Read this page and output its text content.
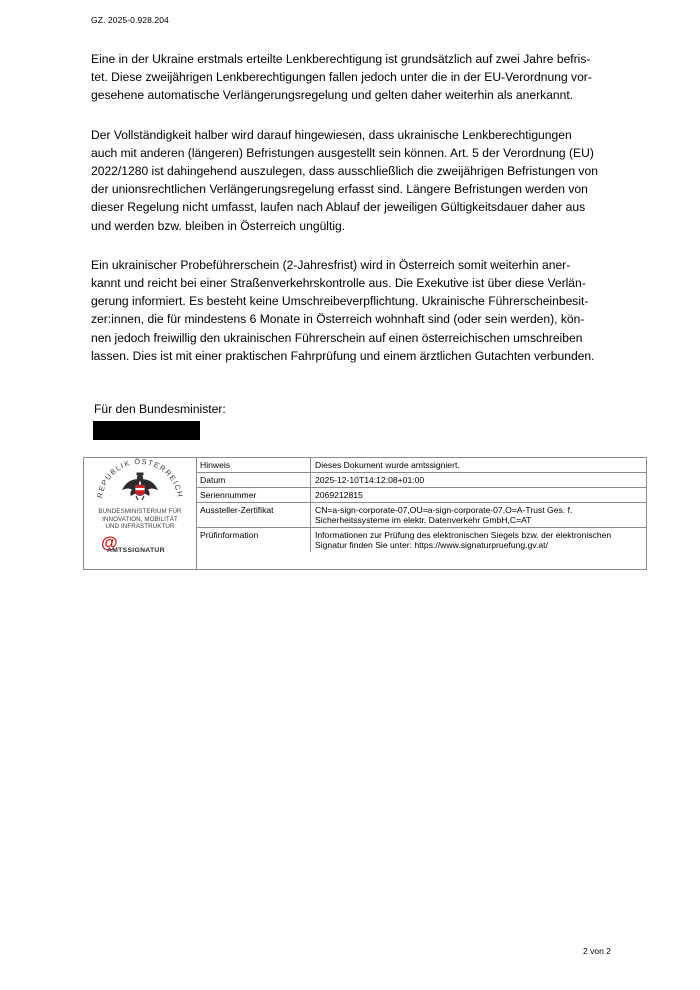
GZ. 2025-0.928.204

Eine in der Ukraine erstmals erteilte Lenkberechtigung ist grundsätzlich auf zwei Jahre befris-
tet. Diese zweijährigen Lenkberechtigungen fallen jedoch unter die in der EU-Verordnung vor-
gesehene automatische Verlängerungsregelung und gelten daher weiterhin als anerkannt.

Der Vollständigkeit halber wird darauf hingewiesen, dass ukrainische Lenkberechtigungen
auch mit anderen (längeren) Befristungen ausgestellt sein können. Art. 5 der Verordnung (EU)
2022/1280 ist dahingehend auszulegen, dass ausschließlich die zweijährigen Befristungen von
der unionsrechtlichen Verlängerungsregelung erfasst sind. Längere Befristungen werden von
dieser Regelung nicht umfasst, laufen nach Ablauf der jeweiligen Gültigkeitsdauer daher aus
und werden bzw. bleiben in Österreich ungültig.

Ein ukrainischer Probeführerschein (2-Jahresfrist) wird in Österreich somit weiterhin aner-
kannt und reicht bei einer Straßenverkehrskontrolle aus. Die Exekutive ist über diese Verlän-
gerung informiert. Es besteht keine Umschreibeverpflichtung. Ukrainische Führerscheinbesit-
zer:innen, die für mindestens 6 Monate in Österreich wohnhaft sind (oder sein werden), kön-
nen jedoch freiwillig den ukrainischen Führerschein auf einen österreichischen umschreiben
lassen. Dies ist mit einer praktischen Fahrprüfung und einem ärztlichen Gutachten verbunden.

Für den Bundesminister:
REPUBLIK ÖSTERREICH
BUNDESMINISTERIUM FÜR
INNOVATION, MOBILITÄT
UND INFRASTRUKTUR
@
AMTSSIGNATUR
Hinweis	Dieses Dokument wurde amtssigniert.
Datum	2025-12-10T14:12:08+01:00
Seriennummer	2069212815
Aussteller-Zertifikat	CN=a-sign-corporate-07,OU=a-sign-corporate-07,O=A-Trust Ges. f. Sicherheitssysteme im elektr. Datenverkehr GmbH,C=AT
Prüfinformation	Informationen zur Prüfung des elektronischen Siegels bzw. der elektronischen Signatur finden Sie unter: https://www.signaturpruefung.gv.at/
2 von 2
